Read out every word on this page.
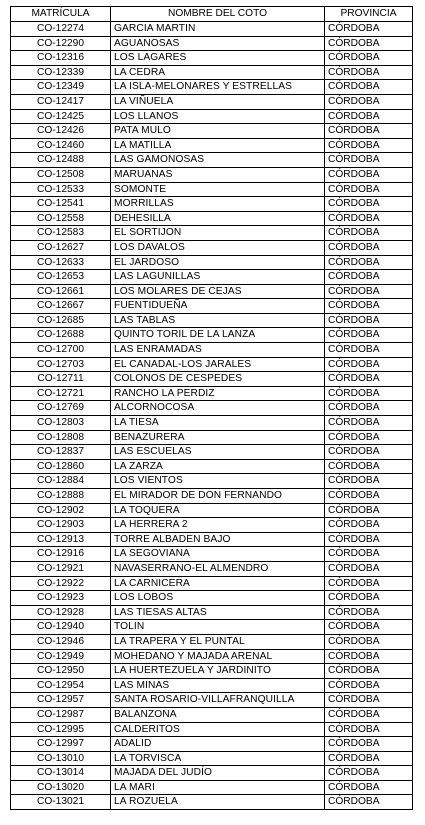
MATRÍCULA	NOMBRE DEL COTO	PROVINCIA
CO-12274	GARCIA MARTIN	CÓRDOBA
CO-12290	AGUANOSAS	CÓRDOBA
CO-12316	LOS LAGARES	CÓRDOBA
CO-12339	LA CEDRA	CÓRDOBA
CO-12349	LA ISLA-MELONARES Y ESTRELLAS	CÓRDOBA
CO-12417	LA VIÑUELA	CÓRDOBA
CO-12425	LOS LLANOS	CÓRDOBA
CO-12426	PATA MULO	CÓRDOBA
CO-12460	LA MATILLA	CÓRDOBA
CO-12488	LAS GAMONOSAS	CÓRDOBA
CO-12508	MARUANAS	CÓRDOBA
CO-12533	SOMONTE	CÓRDOBA
CO-12541	MORRILLAS	CÓRDOBA
CO-12558	DEHESILLA	CÓRDOBA
CO-12583	EL SORTIJON	CÓRDOBA
CO-12627	LOS DAVALOS	CÓRDOBA
CO-12633	EL JARDOSO	CÓRDOBA
CO-12653	LAS LAGUNILLAS	CÓRDOBA
CO-12661	LOS MOLARES DE CEJAS	CÓRDOBA
CO-12667	FUENTIDUEÑA	CÓRDOBA
CO-12685	LAS TABLAS	CÓRDOBA
CO-12688	QUINTO TORIL DE LA LANZA	CÓRDOBA
CO-12700	LAS ENRAMADAS	CÓRDOBA
CO-12703	EL CANADAL-LOS JARALES	CÓRDOBA
CO-12711	COLONOS DE CESPEDES	CÓRDOBA
CO-12721	RANCHO LA PERDIZ	CÓRDOBA
CO-12769	ALCORNOCOSA	CÓRDOBA
CO-12803	LA TIESA	CÓRDOBA
CO-12808	BENAZURERA	CÓRDOBA
CO-12837	LAS ESCUELAS	CÓRDOBA
CO-12860	LA ZARZA	CÓRDOBA
CO-12884	LOS VIENTOS	CÓRDOBA
CO-12888	EL MIRADOR DE DON FERNANDO	CÓRDOBA
CO-12902	LA TOQUERA	CÓRDOBA
CO-12903	LA HERRERA 2	CÓRDOBA
CO-12913	TORRE ALBADEN BAJO	CÓRDOBA
CO-12916	LA SEGOVIANA	CÓRDOBA
CO-12921	NAVASERRANO-EL ALMENDRO	CÓRDOBA
CO-12922	LA CARNICERA	CÓRDOBA
CO-12923	LOS LOBOS	CÓRDOBA
CO-12928	LAS TIESAS ALTAS	CÓRDOBA
CO-12940	TOLIN	CÓRDOBA
CO-12946	LA TRAPERA Y EL PUNTAL	CÓRDOBA
CO-12949	MOHEDANO Y MAJADA ARENAL	CÓRDOBA
CO-12950	LA HUERTEZUELA Y JARDINITO	CÓRDOBA
CO-12954	LAS MINAS	CÓRDOBA
CO-12957	SANTA ROSARIO-VILLAFRANQUILLA	CÓRDOBA
CO-12987	BALANZONA	CÓRDOBA
CO-12995	CALDERITOS	CÓRDOBA
CO-12997	ADALID	CÓRDOBA
CO-13010	LA TORVISCA	CÓRDOBA
CO-13014	MAJADA DEL JUDÍO	CÓRDOBA
CO-13020	LA MARI	CÓRDOBA
CO-13021	LA ROZUELA	CÓRDOBA
